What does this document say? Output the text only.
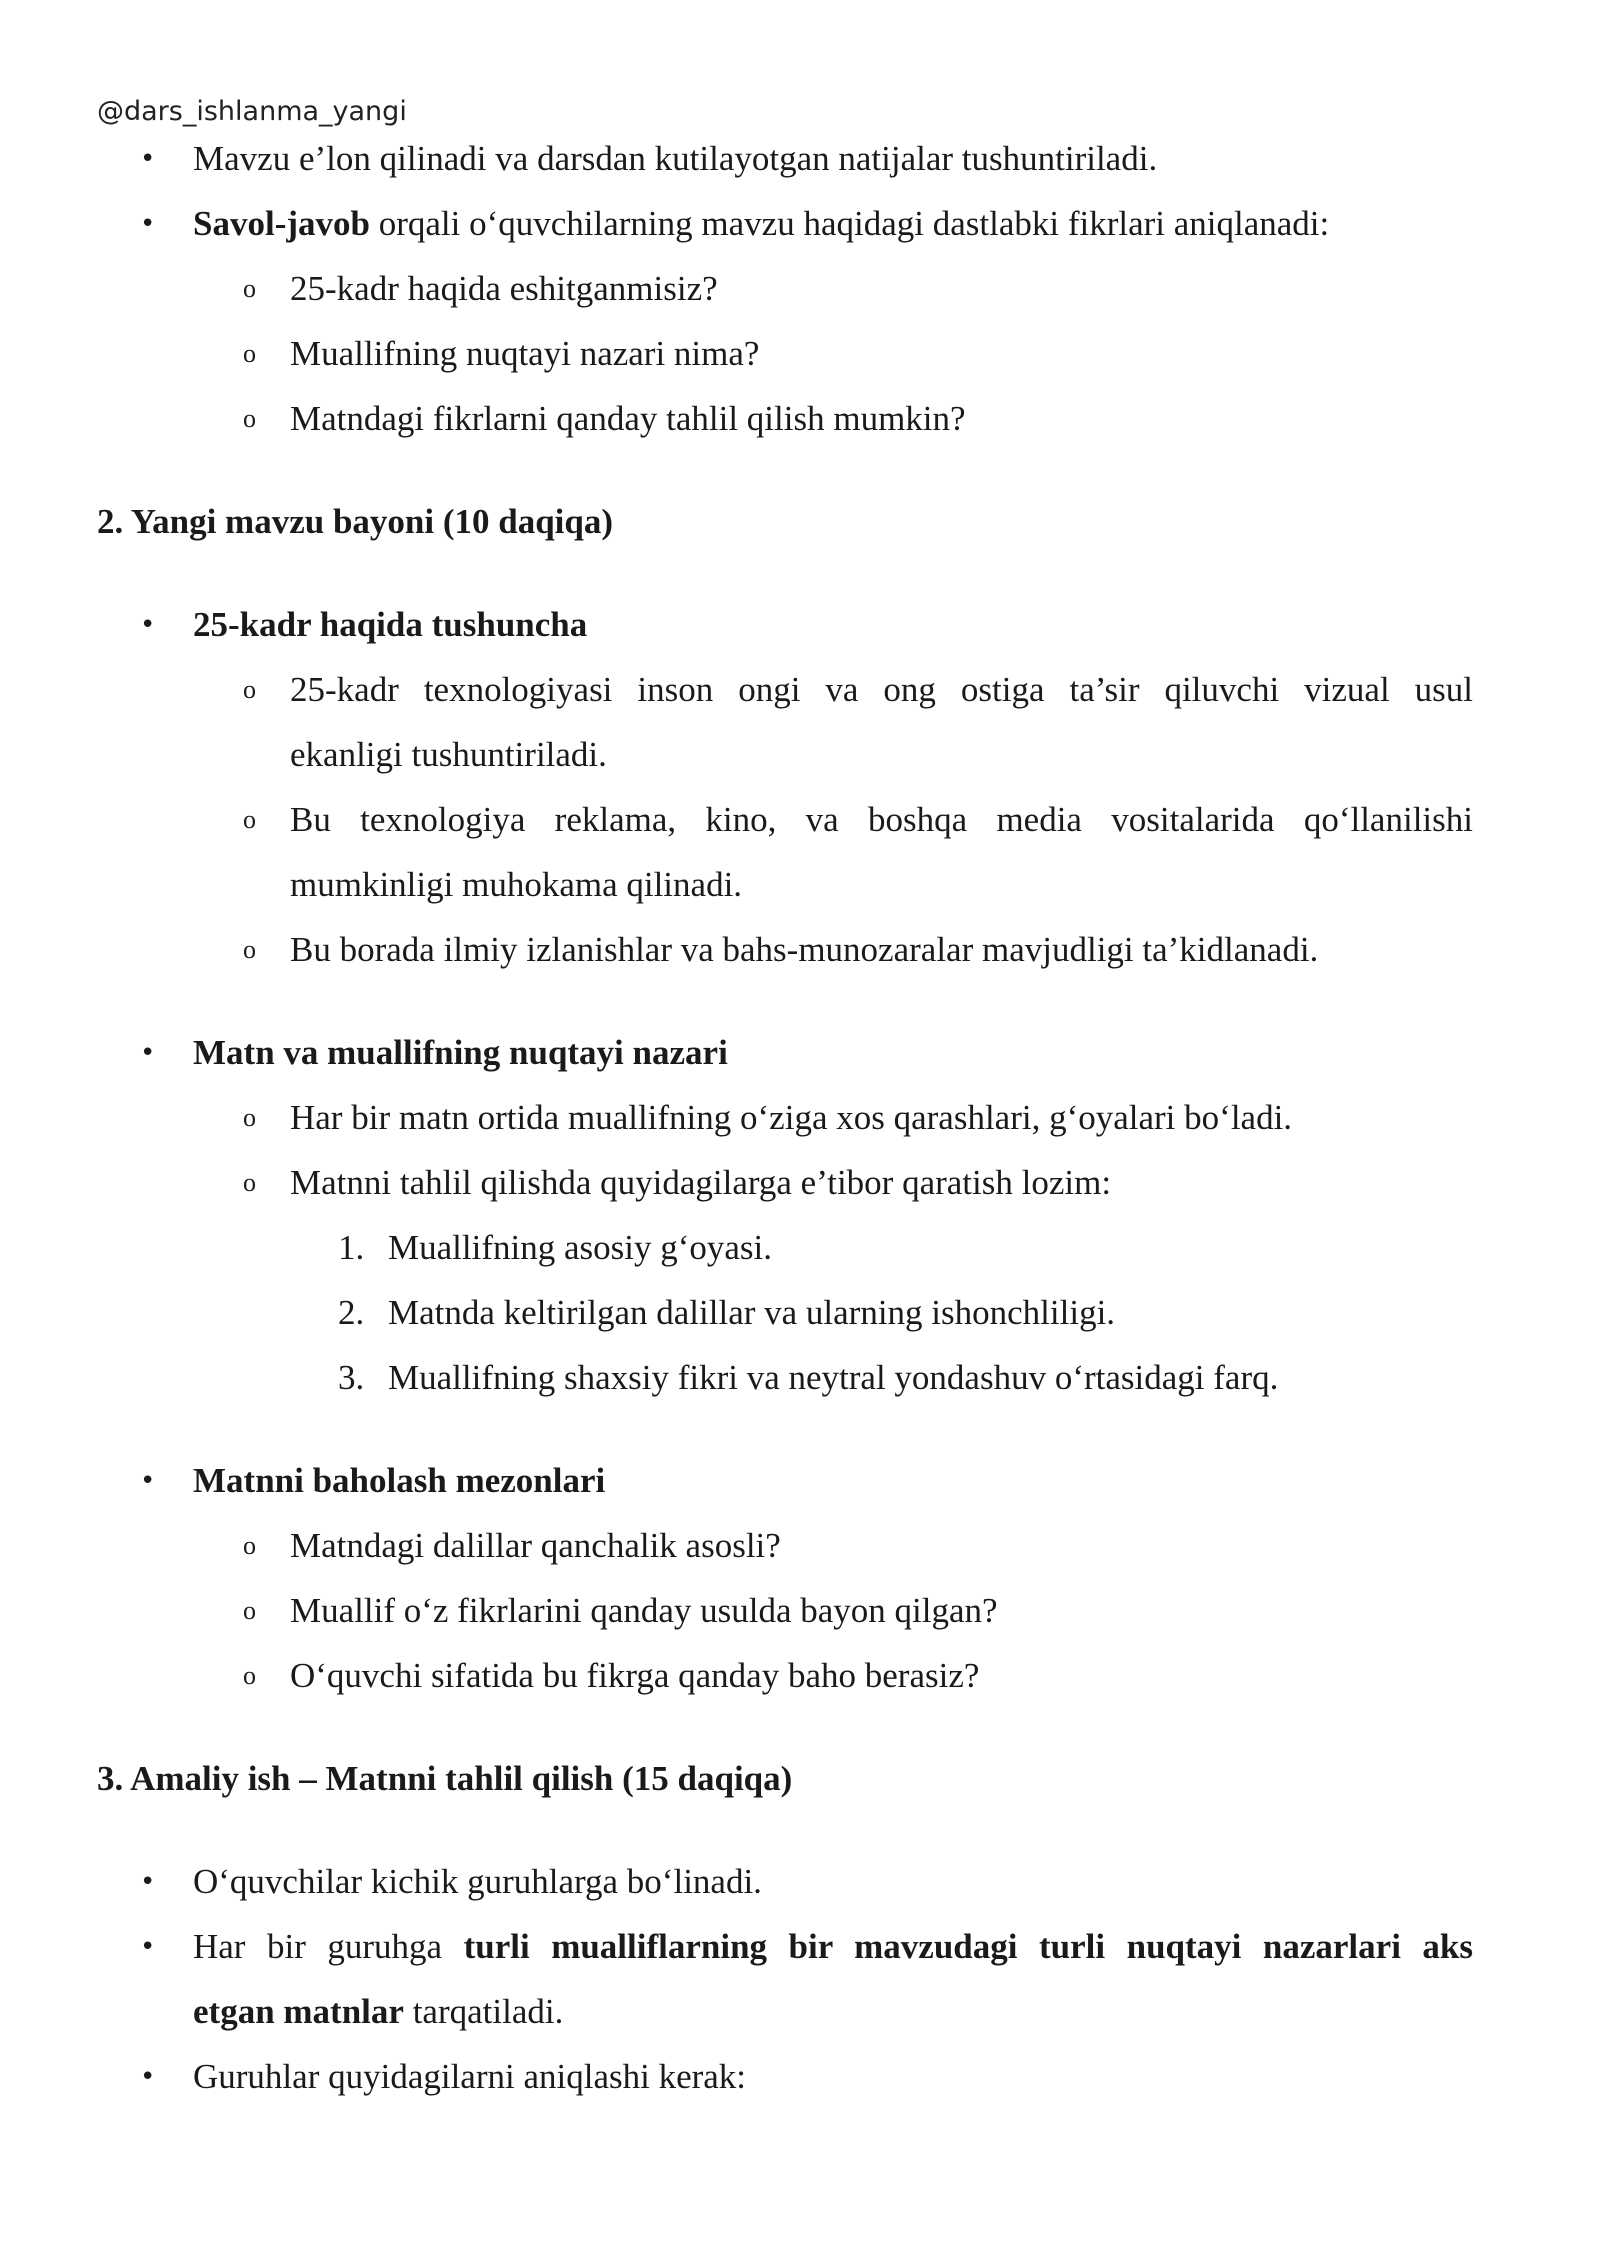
@dars_ishlanma_yangi
• Mavzu e’lon qilinadi va darsdan kutilayotgan natijalar tushuntiriladi.
• Savol-javob orqali o‘quvchilarning mavzu haqidagi dastlabki fikrlari aniqlanadi:
o 25-kadr haqida eshitganmisiz?
o Muallifning nuqtayi nazari nima?
o Matndagi fikrlarni qanday tahlil qilish mumkin?
2. Yangi mavzu bayoni (10 daqiqa)
• 25-kadr haqida tushuncha
o 25-kadr texnologiyasi inson ongi va ong ostiga ta’sir qiluvchi vizual usul
ekanligi tushuntiriladi.
o Bu texnologiya reklama, kino, va boshqa media vositalarida qo‘llanilishi
mumkinligi muhokama qilinadi.
o Bu borada ilmiy izlanishlar va bahs-munozaralar mavjudligi ta’kidlanadi.
• Matn va muallifning nuqtayi nazari
o Har bir matn ortida muallifning o‘ziga xos qarashlari, g‘oyalari bo‘ladi.
o Matnni tahlil qilishda quyidagilarga e’tibor qaratish lozim:
1. Muallifning asosiy g‘oyasi.
2. Matnda keltirilgan dalillar va ularning ishonchliligi.
3. Muallifning shaxsiy fikri va neytral yondashuv o‘rtasidagi farq.
• Matnni baholash mezonlari
o Matndagi dalillar qanchalik asosli?
o Muallif o‘z fikrlarini qanday usulda bayon qilgan?
o O‘quvchi sifatida bu fikrga qanday baho berasiz?
3. Amaliy ish – Matnni tahlil qilish (15 daqiqa)
• O‘quvchilar kichik guruhlarga bo‘linadi.
• Har bir guruhga turli mualliflarning bir mavzudagi turli nuqtayi nazarlari aks
etgan matnlar tarqatiladi.
• Guruhlar quyidagilarni aniqlashi kerak:
